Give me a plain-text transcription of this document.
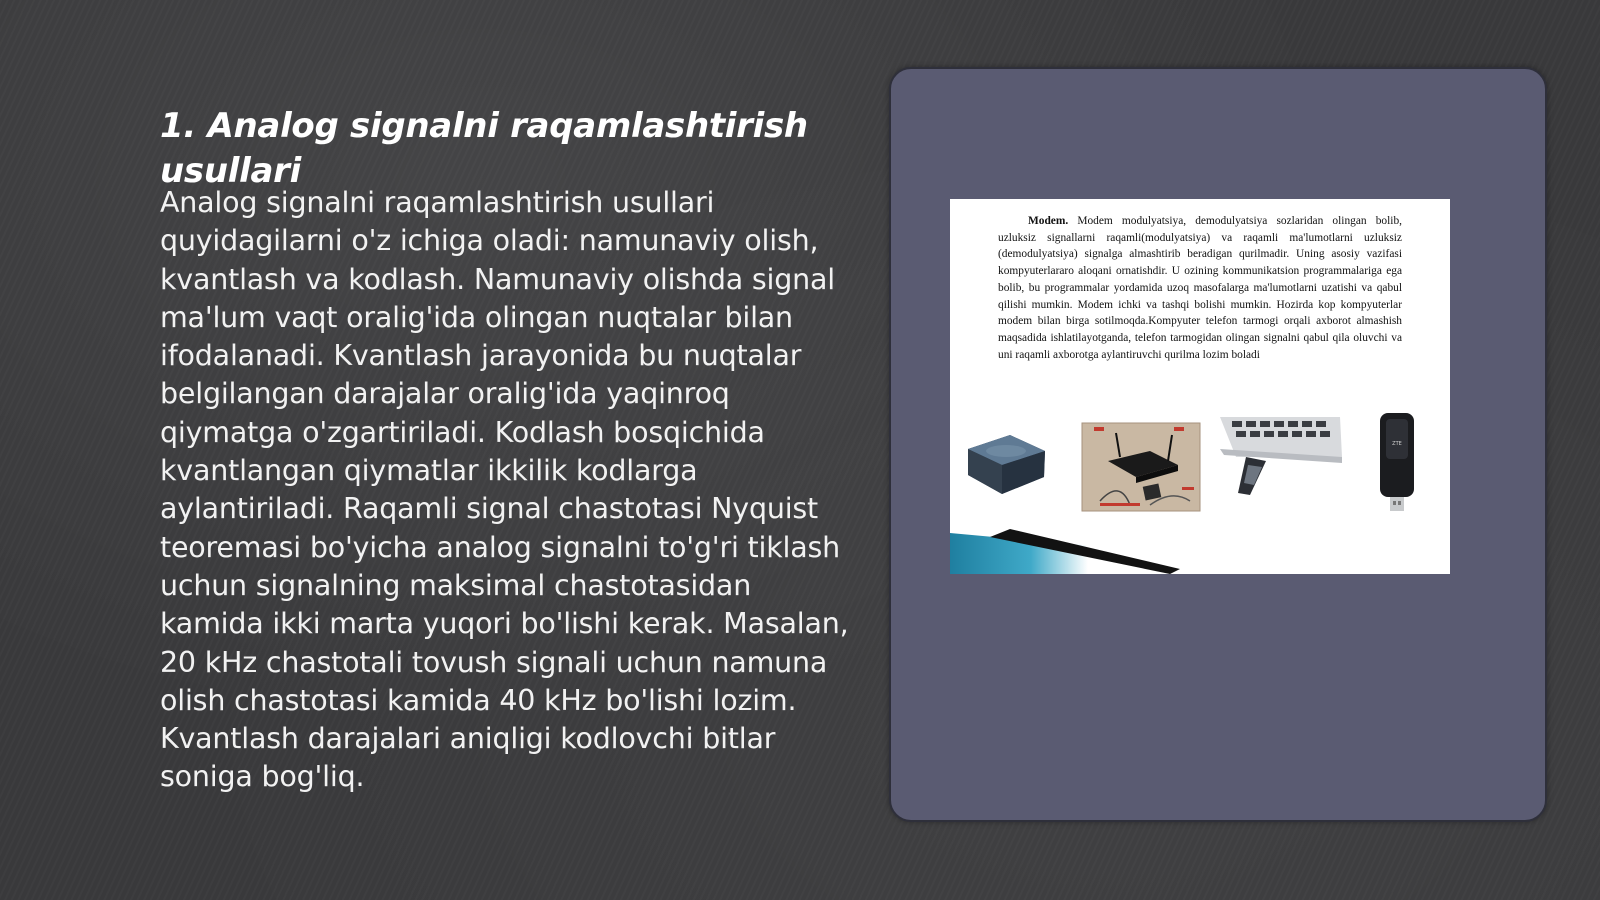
1. Analog signalni raqamlashtirish usullari

Analog signalni raqamlashtirish usullari quyidagilarni o'z ichiga oladi: namunaviy olish, kvantlash va kodlash. Namunaviy olishda signal ma'lum vaqt oralig'ida olingan nuqtalar bilan ifodalanadi. Kvantlash jarayonida bu nuqtalar belgilangan darajalar oralig'ida yaqinroq qiymatga o'zgartiriladi. Kodlash bosqichida kvantlangan qiymatlar ikkilik kodlarga aylantiriladi. Raqamli signal chastotasi Nyquist teoremasi bo'yicha analog signalni to'g'ri tiklash uchun signalning maksimal chastotasidan kamida ikki marta yuqori bo'lishi kerak. Masalan, 20 kHz chastotali tovush signali uchun namuna olish chastotasi kamida 40 kHz bo'lishi lozim. Kvantlash darajalari aniqligi kodlovchi bitlar soniga bog'liq.

Modem. Modem modulyatsiya, demodulyatsiya sozlaridan olingan bolib, uzluksiz signallarni raqamli(modulyatsiya) va raqamli ma'lumotlarni uzluksiz (demodulyatsiya) signalga almashtirib beradigan qurilmadir. Uning asosiy vazifasi kompyuterlararo aloqani ornatishdir. U ozining kommunikatsion programmalariga ega bolib, bu programmalar yordamida uzoq masofalarga ma'lumotlarni uzatishi va qabul qilishi mumkin. Modem ichki va tashqi bolishi mumkin. Hozirda kop kompyuterlar modem bilan birga sotilmoqda.Kompyuter telefon tarmogi orqali axborot almashish maqsadida ishlatilayotganda, telefon tarmogidan olingan signalni qabul qila oluvchi va uni raqamli axborotga aylantiruvchi qurilma lozim boladi

ZTE
